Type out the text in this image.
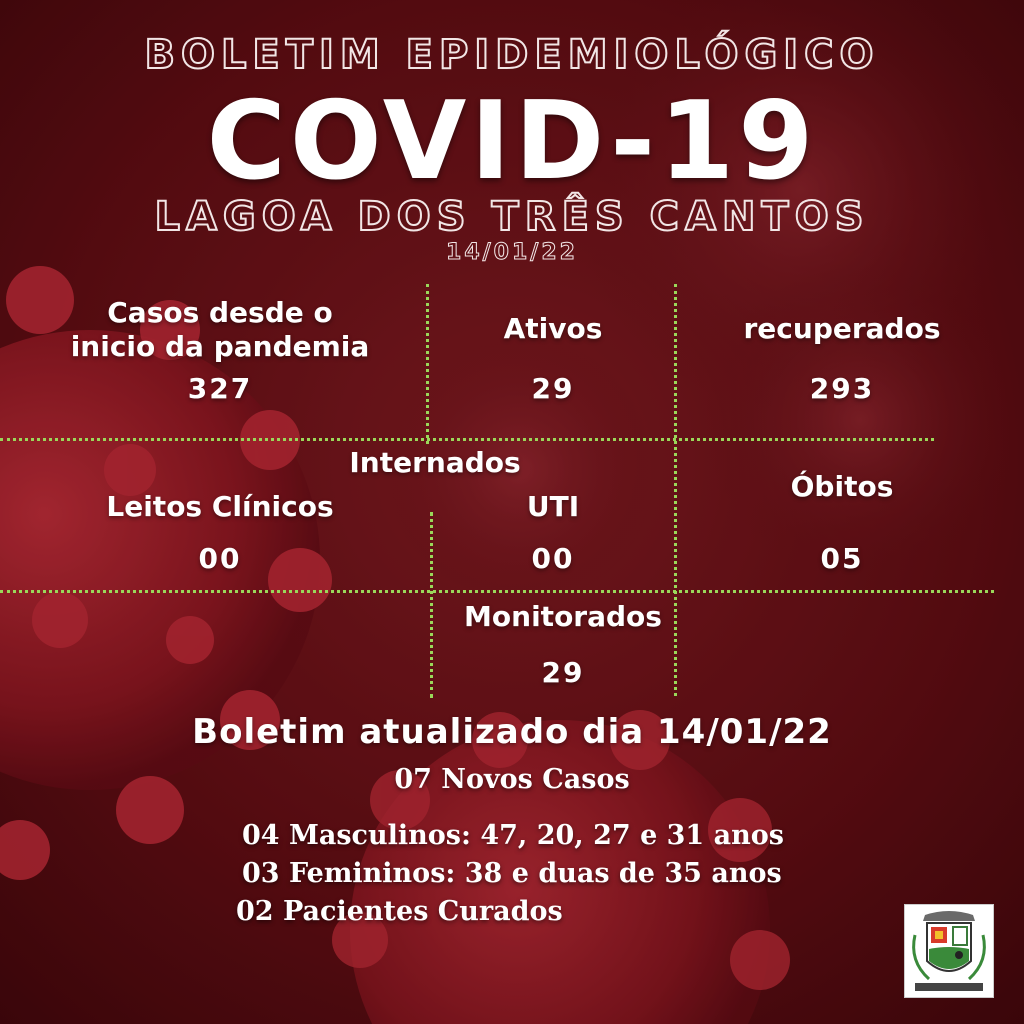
BOLETIM EPIDEMIOLÓGICO
COVID-19
LAGOA DOS TRÊS CANTOS
14/01/22
Casos desde o
inicio da pandemia
327
Ativos
29
recuperados
293
Internados
Leitos Clínicos
00
UTI
00
Óbitos
05
Monitorados
29
Boletim atualizado dia 14/01/22
07 Novos Casos
04 Masculinos: 47, 20, 27 e 31 anos
03 Femininos: 38 e duas de 35 anos
02 Pacientes Curados
